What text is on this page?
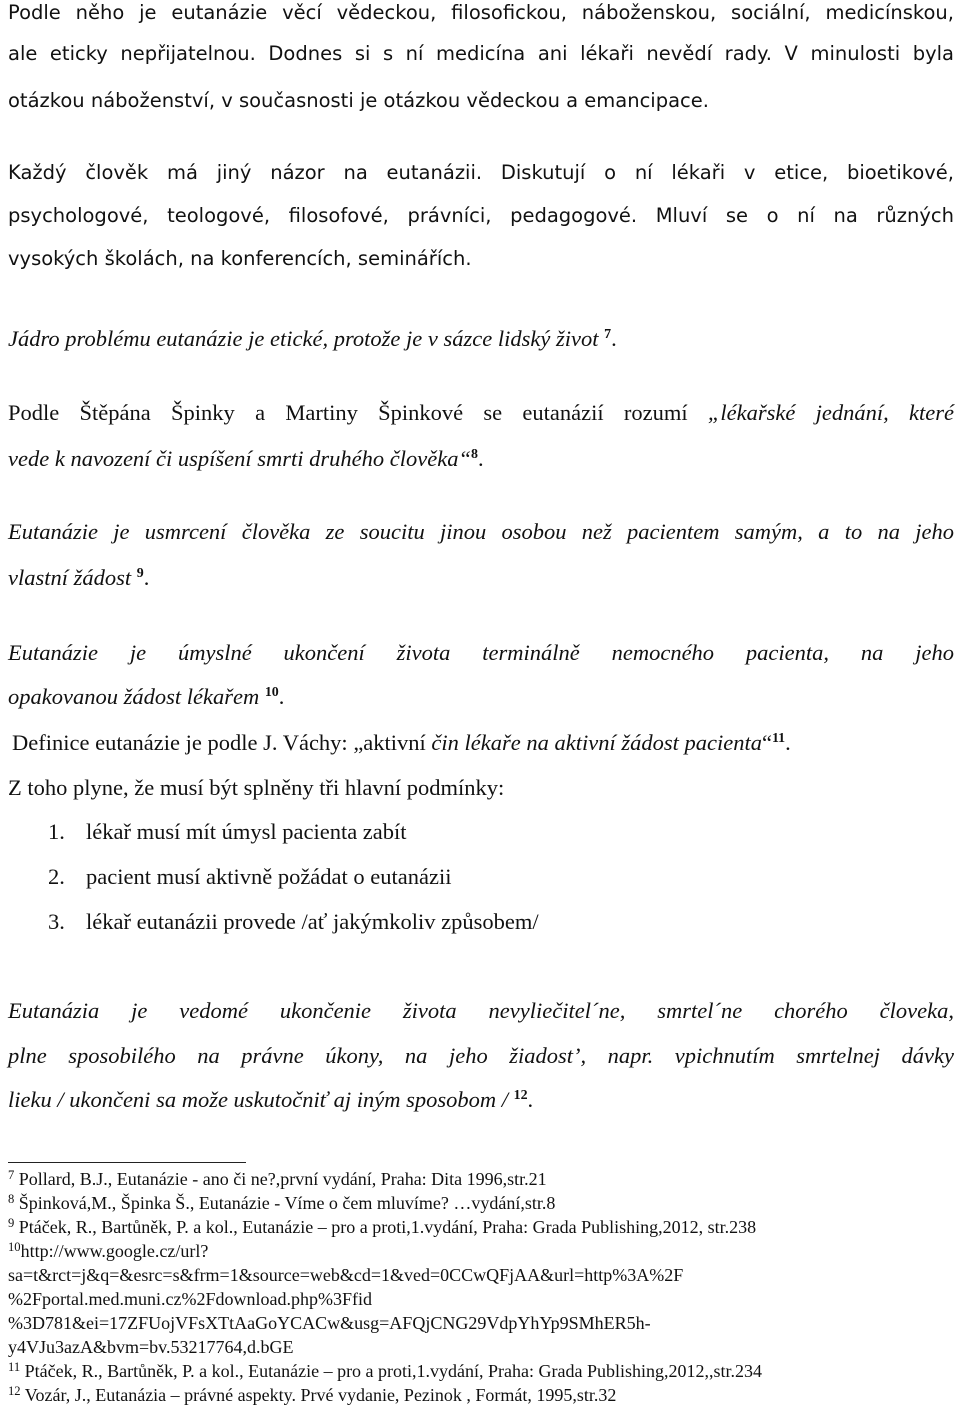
Podle něho je eutanázie věcí vědeckou, filosofickou, náboženskou, sociální, medicínskou,
ale eticky nepřijatelnou. Dodnes si s ní medicína ani lékaři nevědí rady. V minulosti byla
otázkou náboženství, v současnosti je otázkou vědeckou a emancipace.
Každý člověk má jiný názor na eutanázii. Diskutují o ní lékaři v etice, bioetikové,
psychologové, teologové, filosofové, právníci, pedagogové. Mluví se o ní na různých
vysokých školách, na konferencích, seminářích.
Jádro problému eutanázie je etické, protože je v sázce lidský život $^7$.
Podle Štěpána Špinky a Martiny Špinkové se eutanázií rozumí „lékařské jednání, které
vede k navození či uspíšení smrti druhého člověka“$^8$.
Eutanázie je usmrcení člověka ze soucitu jinou osobou než pacientem samým, a to na jeho
vlastní žádost $^9$.
Eutanázie je úmyslné ukončení života terminálně nemocného pacienta, na jeho
opakovanou žádost lékařem $^{10}$.
Definice eutanázie je podle J. Váchy: „aktivní čin lékaře na aktivní žádost pacienta“$^{11}$.
Z toho plyne, že musí být splněny tři hlavní podmínky:
1. lékař musí mít úmysl pacienta zabít
2. pacient musí aktivně požádat o eutanázii
3. lékař eutanázii provede /ať jakýmkoliv způsobem/
Eutanázia je vedomé ukončenie života nevyliečitel´ne, smrtel´ne chorého človeka,
plne sposobilého na právne úkony, na jeho žiadost’, napr. vpichnutím smrtelnej dávky
lieku / ukončeni sa može uskutočniť aj iným sposobom / $^{12}$.
$^7$ Pollard, B.J., Eutanázie - ano či ne?,první vydání, Praha: Dita 1996,str.21
$^8$ Špinková,M., Špinka Š., Eutanázie - Víme o čem mluvíme? …vydání,str.8
$^9$ Ptáček, R., Bartůněk, P. a kol., Eutanázie – pro a proti,1.vydání, Praha: Grada Publishing,2012, str.238
$^{10}$http://www.google.cz/url?
sa=t&rct=j&q=&esrc=s&frm=1&source=web&cd=1&ved=0CCwQFjAA&url=http%3A%2F
%2Fportal.med.muni.cz%2Fdownload.php%3Ffid
%3D781&ei=17ZFUojVFsXTtAaGoYCACw&usg=AFQjCNG29VdpYhYp9SMhER5h-
y4VJu3azA&bvm=bv.53217764,d.bGE
$^{11}$ Ptáček, R., Bartůněk, P. a kol., Eutanázie – pro a proti,1.vydání, Praha: Grada Publishing,2012,,str.234
$^{12}$ Vozár, J., Eutanázia – právné aspekty. Prvé vydanie, Pezinok , Formát, 1995,str.32
